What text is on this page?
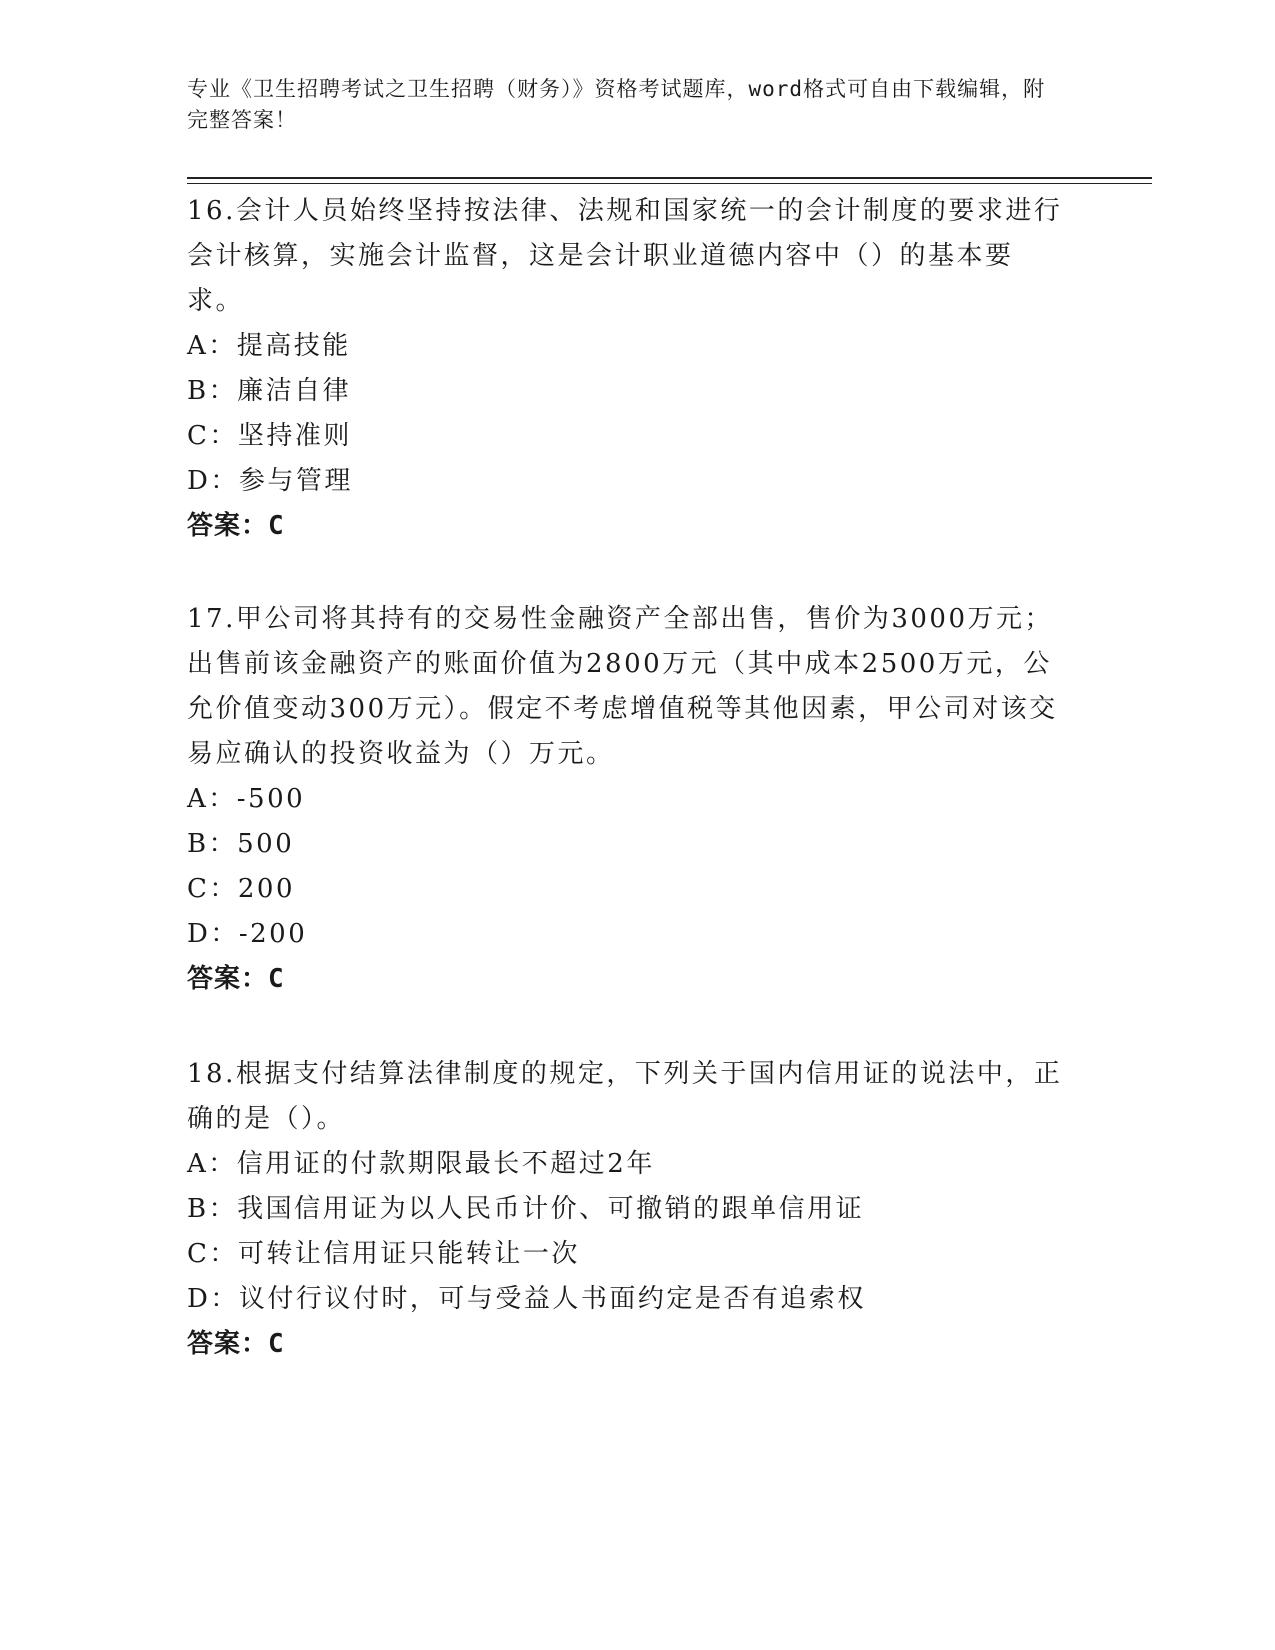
专业《卫生招聘考试之卫生招聘（财务）》资格考试题库，word格式可自由下载编辑，附完整答案！

16.会计人员始终坚持按法律、法规和国家统一的会计制度的要求进行会计核算，实施会计监督，这是会计职业道德内容中（）的基本要求。

A：提高技能

B：廉洁自律

C：坚持准则

D：参与管理

答案：C

17.甲公司将其持有的交易性金融资产全部出售，售价为3000万元；出售前该金融资产的账面价值为2800万元（其中成本2500万元，公允价值变动300万元）。假定不考虑增值税等其他因素，甲公司对该交易应确认的投资收益为（）万元。

A：-500

B：500

C：200

D：-200

答案：C

18.根据支付结算法律制度的规定，下列关于国内信用证的说法中，正确的是（）。

A：信用证的付款期限最长不超过2年

B：我国信用证为以人民币计价、可撤销的跟单信用证

C：可转让信用证只能转让一次

D：议付行议付时，可与受益人书面约定是否有追索权

答案：C
